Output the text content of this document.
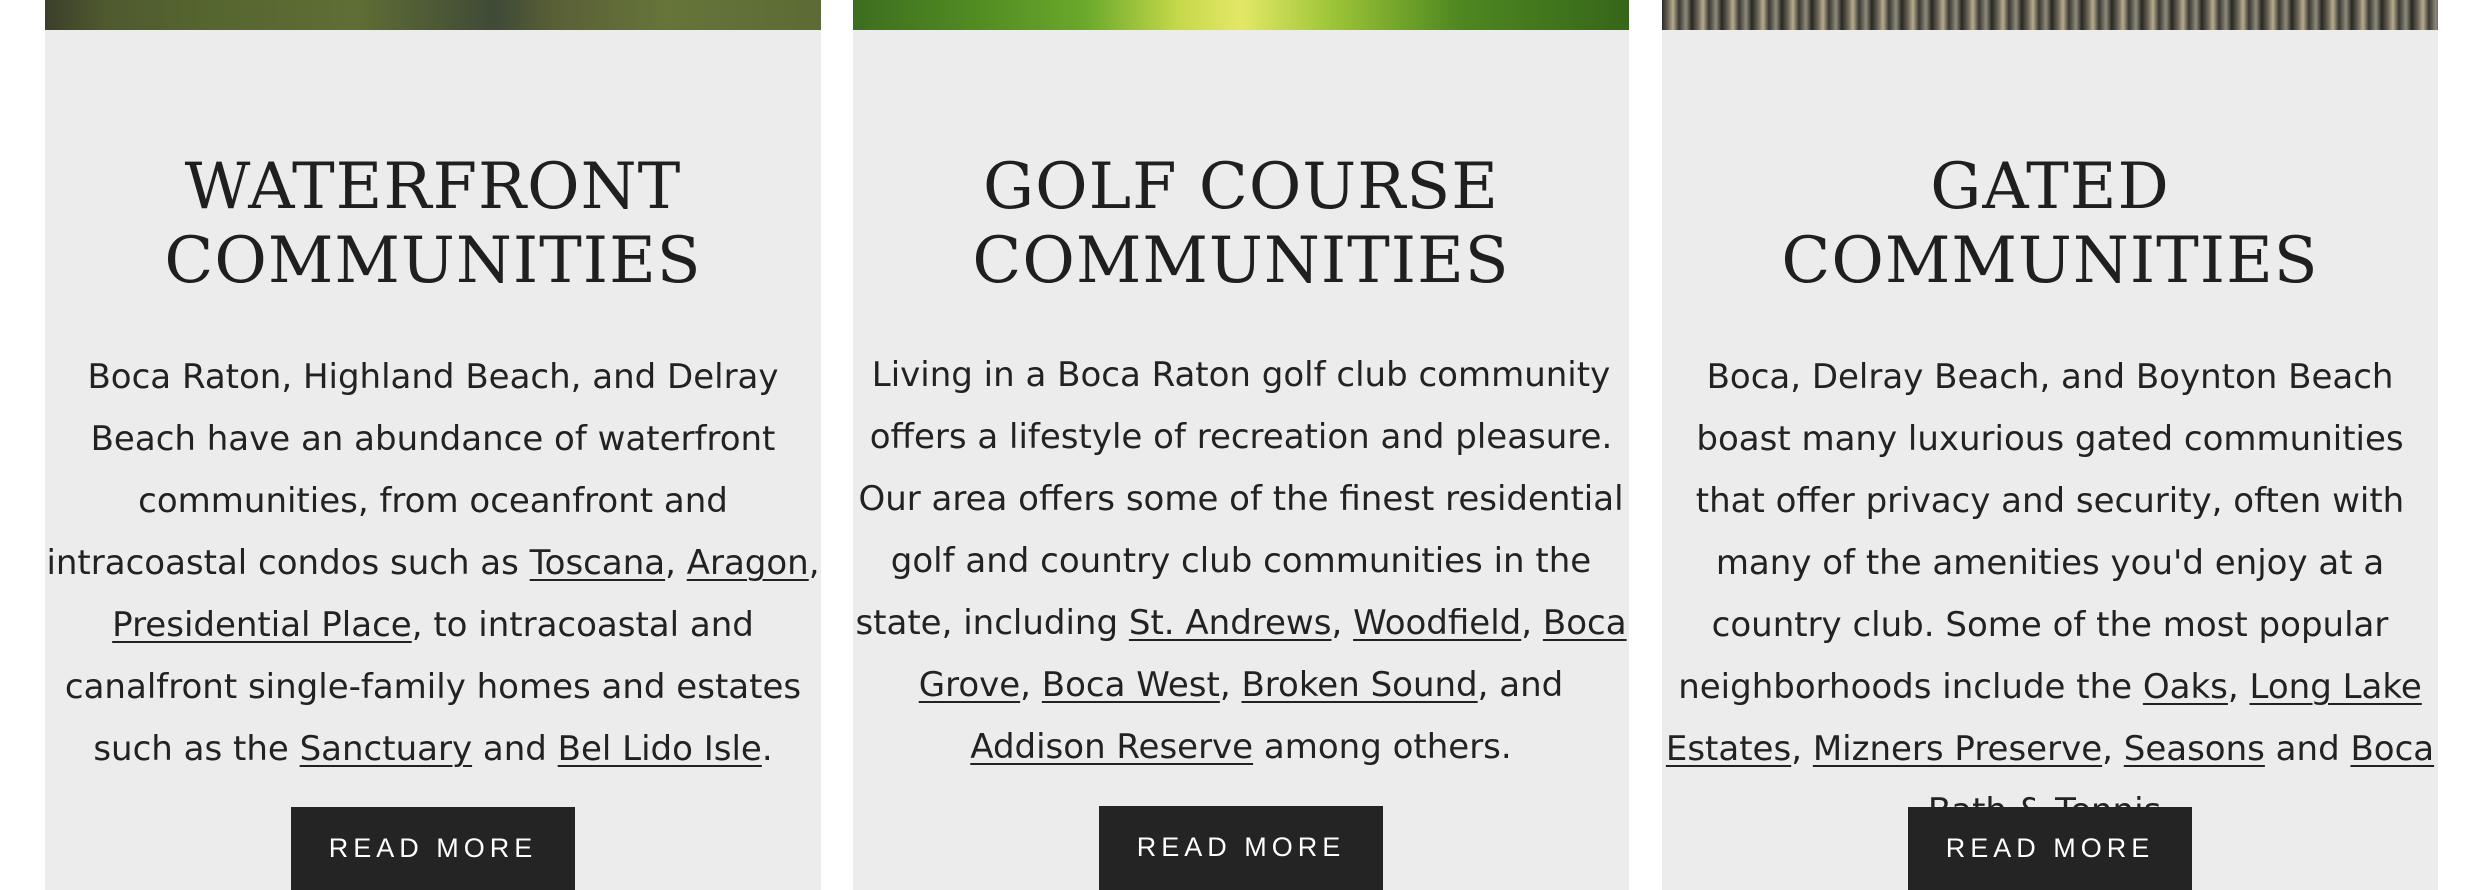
WATERFRONT
COMMUNITIES

Boca Raton, Highland Beach, and Delray Beach have an abundance of waterfront communities, from oceanfront and intracoastal condos such as Toscana, Aragon, Presidential Place, to intracoastal and canalfront single-family homes and estates such as the Sanctuary and Bel Lido Isle.

READ MORE
GOLF COURSE
COMMUNITIES

Living in a Boca Raton golf club community offers a lifestyle of recreation and pleasure. Our area offers some of the finest residential golf and country club communities in the state, including St. Andrews, Woodfield, Boca Grove, Boca West, Broken Sound, and Addison Reserve among others.

READ MORE
GATED
COMMUNITIES

Boca, Delray Beach, and Boynton Beach boast many luxurious gated communities that offer privacy and security, often with many of the amenities you'd enjoy at a country club. Some of the most popular neighborhoods include the Oaks, Long Lake Estates, Mizners Preserve, Seasons and Boca

READ MORE
